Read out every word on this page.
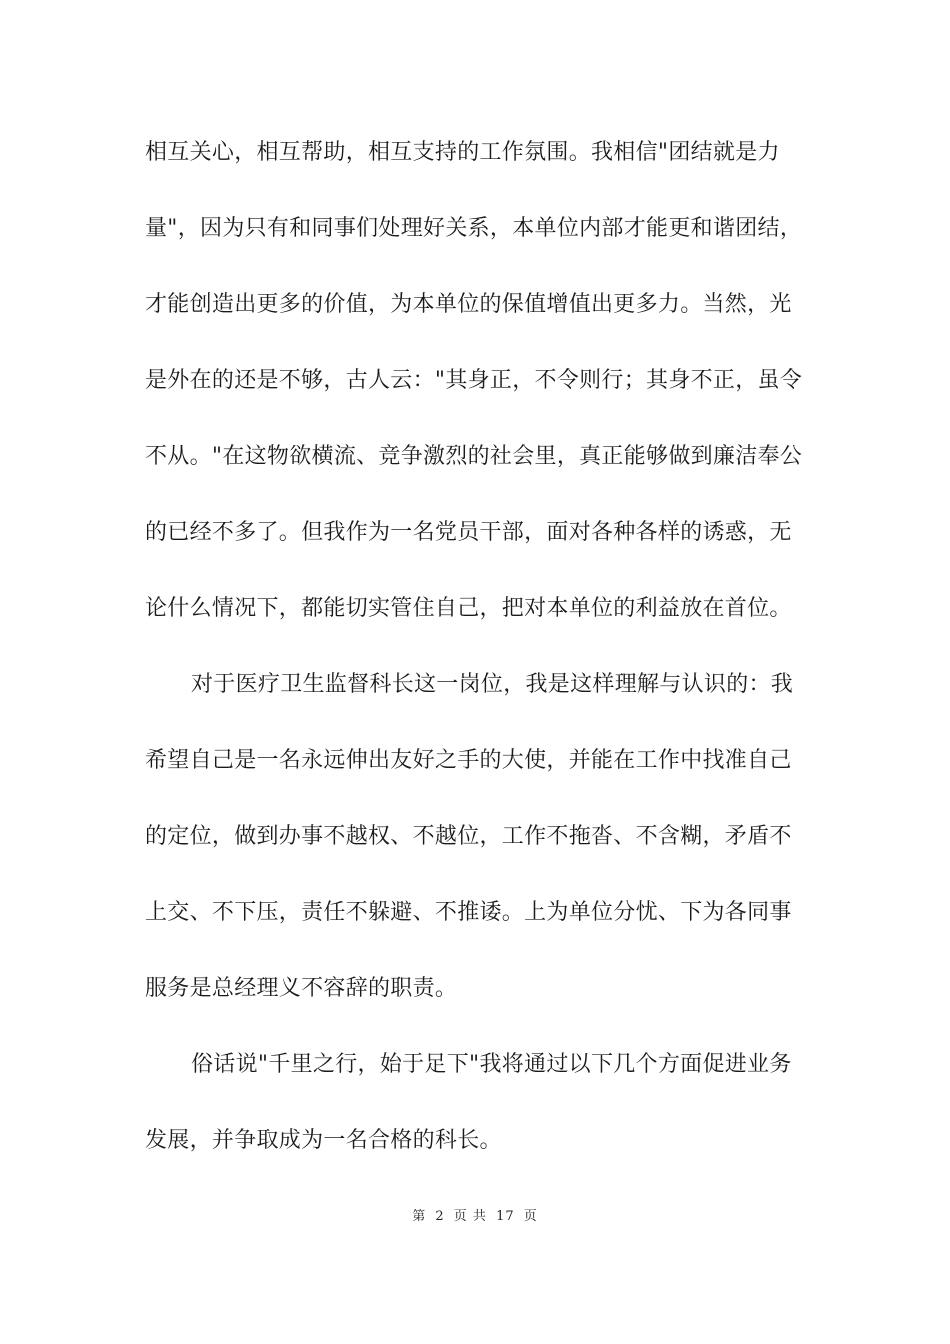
相互关心，相互帮助，相互支持的工作氛围。我相信"团结就是力
量"，因为只有和同事们处理好关系，本单位内部才能更和谐团结，
才能创造出更多的价值，为本单位的保值增值出更多力。当然，光
是外在的还是不够，古人云："其身正，不令则行；其身不正，虽令
不从。"在这物欲横流、竞争激烈的社会里，真正能够做到廉洁奉公
的已经不多了。但我作为一名党员干部，面对各种各样的诱惑，无
论什么情况下，都能切实管住自己，把对本单位的利益放在首位。
对于医疗卫生监督科长这一岗位，我是这样理解与认识的：我
希望自己是一名永远伸出友好之手的大使，并能在工作中找准自己
的定位，做到办事不越权、不越位，工作不拖沓、不含糊，矛盾不
上交、不下压，责任不躲避、不推诿。上为单位分忧、下为各同事
服务是总经理义不容辞的职责。
俗话说"千里之行，始于足下"我将通过以下几个方面促进业务
发展，并争取成为一名合格的科长。
第 2 页 共 17 页
